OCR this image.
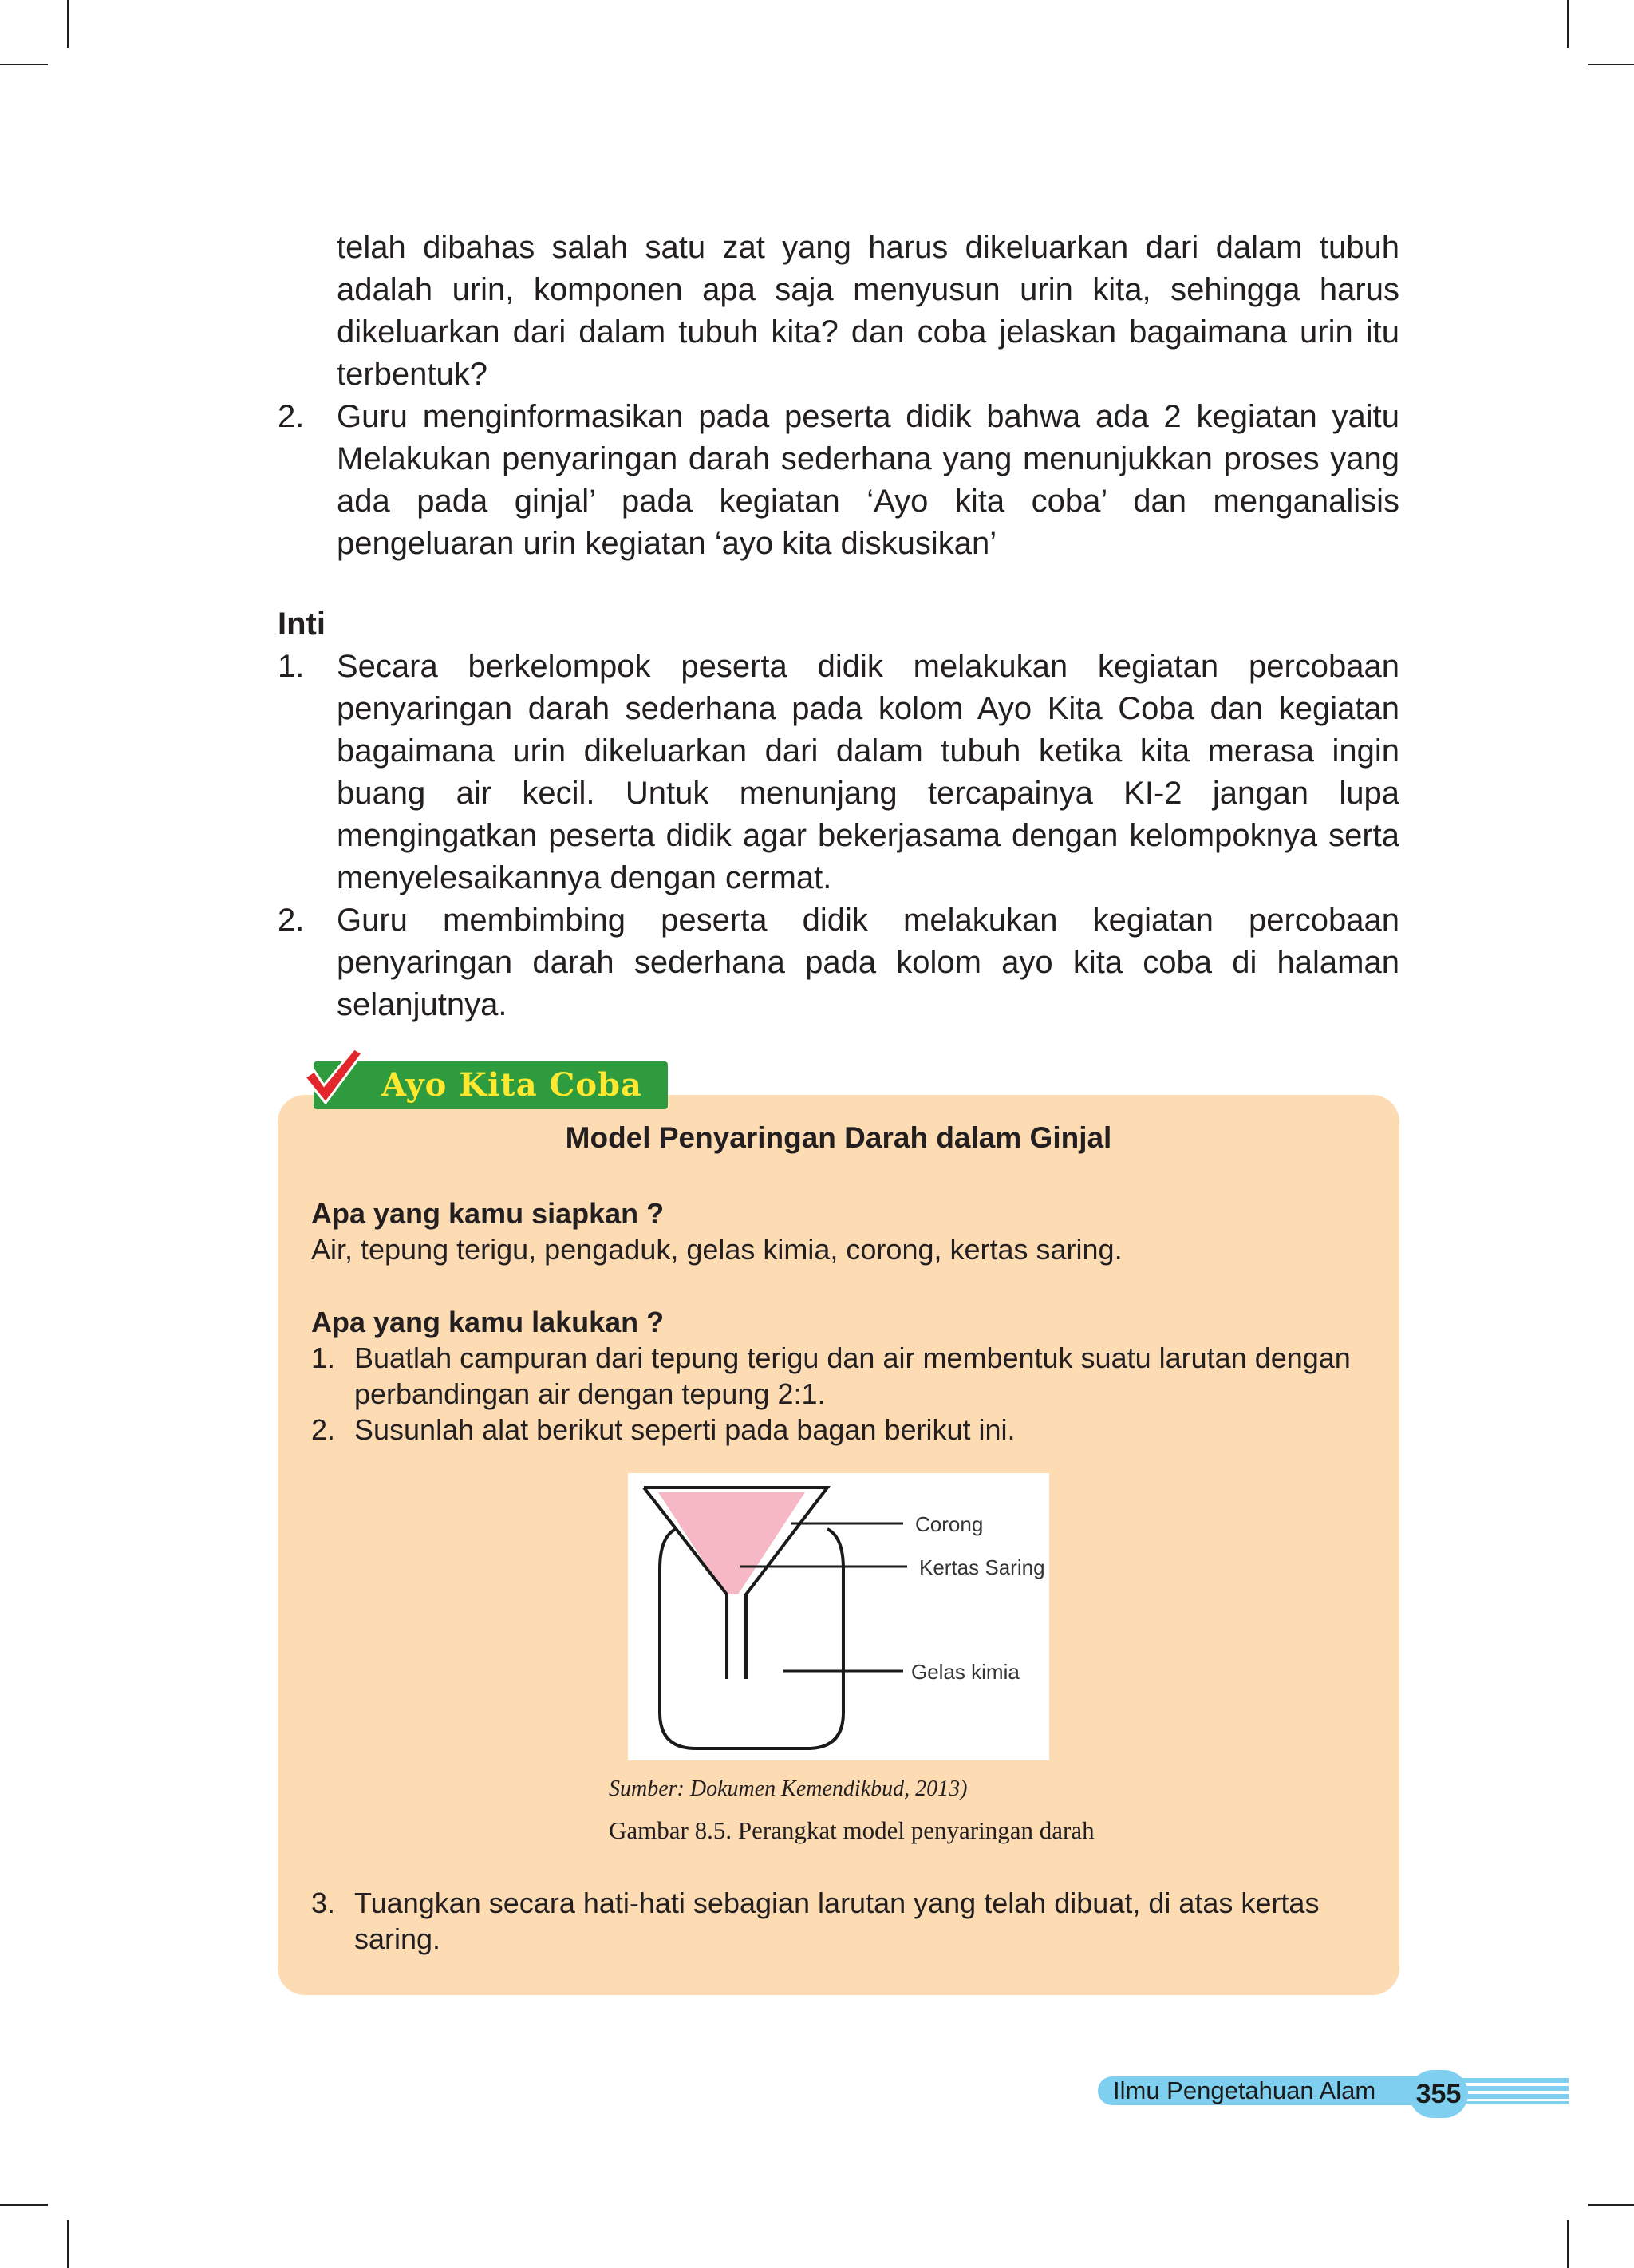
telah dibahas salah satu zat yang harus dikeluarkan dari dalam tubuh adalah urin, komponen apa saja menyusun urin kita, sehingga harus dikeluarkan dari dalam tubuh kita? dan coba jelaskan bagaimana urin itu terbentuk?

2. Guru menginformasikan pada peserta didik bahwa ada 2 kegiatan yaitu Melakukan penyaringan darah sederhana yang menunjukkan proses yang ada pada ginjal’ pada kegiatan ‘Ayo kita coba’ dan menganalisis pengeluaran urin kegiatan ‘ayo kita diskusikan’

Inti

1. Secara berkelompok peserta didik melakukan kegiatan percobaan penyaringan darah sederhana pada kolom Ayo Kita Coba dan kegiatan bagaimana urin dikeluarkan dari dalam tubuh ketika kita merasa ingin buang air kecil. Untuk menunjang tercapainya KI-2 jangan lupa mengingatkan peserta didik agar bekerjasama dengan kelompoknya serta menyelesaikannya dengan cermat.
2. Guru membimbing peserta didik melakukan kegiatan percobaan penyaringan darah sederhana pada kolom ayo kita coba di halaman selanjutnya.
Ayo Kita Coba
Model Penyaringan Darah dalam Ginjal

Apa yang kamu siapkan ?

Air, tepung terigu, pengaduk, gelas kimia, corong, kertas saring.

Apa yang kamu lakukan ?

1. Buatlah campuran dari tepung terigu dan air membentuk suatu larutan dengan perbandingan air dengan tepung 2:1.
2. Susunlah alat berikut seperti pada bagan berikut ini.
Corong
Kertas Saring
Gelas kimia
Sumber: Dokumen Kemendikbud, 2013)
Gambar 8.5. Perangkat model penyaringan darah
3. Tuangkan secara hati-hati sebagian larutan yang telah dibuat, di atas kertas saring.
Ilmu Pengetahuan Alam 355
